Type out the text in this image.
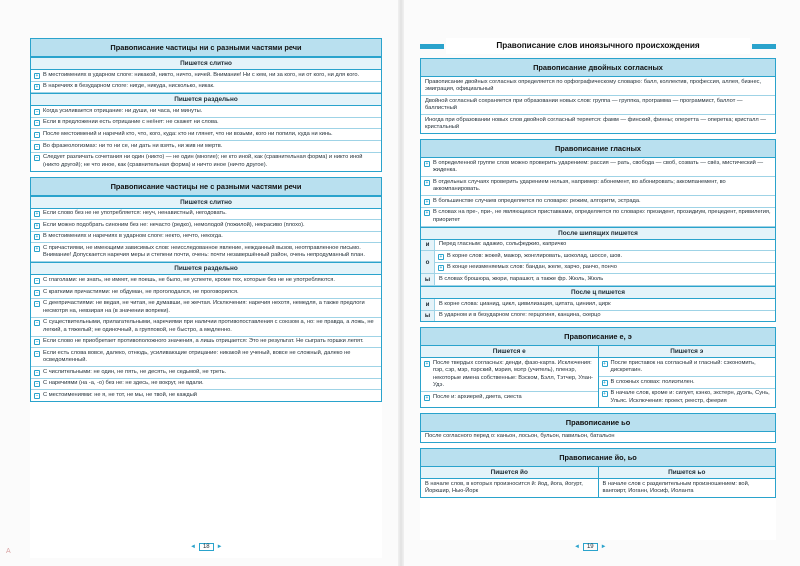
Правописание частицы ни с разными частями речи
Пишется слитно
+ В местоимениях в ударном слоге: никакой, никто, ничто, ничей. Внимание! Ни с кем, ни за кого, ни от кого, ни для кого.
+ В наречиях в безударном слоге: нигде, никуда, нисколько, никак.
Пишется раздельно
– Когда усиливается отрицание: ни души, ни часа, ни минуты.
– Если в предложении есть отрицание с не/нет: не скажет ни слова.
– После местоимений и наречий кто, что, кого, куда: кто ни глянет, что ни возьми, кого ни попили, куда ни кинь.
– Во фразеологизмах: ни то ни се, ни дать ни взять, ни жив ни мертв.
– Следует различать сочетания ни один (никто) — не один (многие); не кто иной, как (сравнительная форма) и никто иной (никто другой); не что иное, как (сравнительная форма) и ничто иное (ничто другое).
Правописание частицы не с разными частями речи
Пишется слитно
+ Если слово без не не употребляется: неуч, ненавистный, негодовать.
+ Если можно подобрать синоним без не: нечасто (редко), немолодой (пожилой), некрасиво (плохо).
+ В местоимениях и наречиях в ударном слоге: некто, нечто, некогда.
+ С причастиями, не имеющими зависимых слов: неисследованное явление, нежданный вызов, неотправленное письмо. Внимание! Допускается наречия меры и степени почти, очень: почти незавершённый район, очень непродуманный план.
Пишется раздельно
– С глаголами: не знать, не имеет, не поешь, не было, не успеете, кроме тех, которые без не не употребляются.
– С краткими причастиями: не обдуман, не проголодался, не проговорился.
– С деепричастиями: не ведая, не читая, не думавши, не жечтая. Исключения: наречия нехотя, немедля, а также предлоги несмотря на, невзирая на (в значении вопреки).
– С существительными, прилагательными, наречиями при наличии противопоставления с союзом а, но: не правда, а ложь, не легкий, а тяжелый; не одиночный, а групповой, не быстро, а медленно.
– Если слово не приобретает противоположного значения, а лишь отрицается: Это не результат. Не сыграть горшки лепят.
– Если есть слова вовсе, далеко, отнюдь, усиливающие отрицание: никакой не ученый, вовсе не сложный, далеко не осведомленный.
– С числительными: не один, не пять, не десять, не седьмой, не треть.
– С наречиями (на -а, -о) без не: не здесь, не вокруг, не вдали.
– С местоимениями: не я, не тот, не мы, не твой, не каждый
◄	18	►
Правописание слов иноязычного происхождения
Правописание двойных согласных
Правописание двойных согласных определяется по орфографическому словарю: балл, коллектив, профессия, аллея, бизнес, эмиграция, официальный
Двойной согласный сохраняется при образовании новых слов: группа — группка, программа — программист, баллот — баллистный
Иногда при образовании новых слов двойной согласный теряется: фамм — финский, финны; оперетта — оперетка; кристалл — кристальный
Правописание гласных
+ В определенной группе слов можно проверить ударением: рассия — рать, свобода — своб, созвать — свёз, мистический — жиденка.
+ В отдельных случаях проверить ударением нельзя, например: абонемент, во абонировать; аккомпанемент, во аккомпанировать.
+ В большинстве случаев определяется по словарю: режим, алгоритм, эстрада.
+ В словах на пре-, при-, не являющихся приставками, определяется по словарю: президент, прозидиум, прецедент, привилегия, приоритет
После шипящих пишется
и	Перед гласным: адажио, сольфеджио, капричко
о
+ В корне слов: жокей, мажор, жонглировать, шоколад, шоссе, шов.
+ В конце неизменяемых слов: бандан, желе, харчо, ранчо, пончо
ы	В словах брошюра, жюри, парашют, а также фр. Жюль, Жюль
После ц пишется
и	В корне слова: цианид, цикл, цивилизация, цитата, циниил, цирк
ы	В ударном и в безударном слоге: герцогиня, канцина, скерцо
Правописание е, э
Пишется е
+ После твердых согласных: денди, фазо-карта. Исключения: пэр, сэр, мэр, пэрский, мэрия, мэтр (учитель), пленэр, некоторые имена собственные: Вэском, Бэлл, Тэтчер, Улан-Удэ.
+ После и: архиерей, диета, сиеста
Пишется э
+ После приставок на согласный и гласный: сэкономить, дискретаин.
+ В сложных словах: полиэтилен.
+ В начале слов, кроме и: силует, кэнко, экстерн, дуэль, Сунь, Ульяс. Исключения: проект, реестр, феерия
Правописание ьо
После согласного перед о: каньон, лосьон, бульон, павильон, батальон
Правописание йо, ьо
Пишется йо
В начале слов, в которых произносится й: йод, йога, йогурт, Йоркшир, Нью-Йорк
Пишется ьо
В начале слов с разделительным произношением: вой, вангоирт, Иоганн, Иосиф, Иоланта
◄	19	►
A
